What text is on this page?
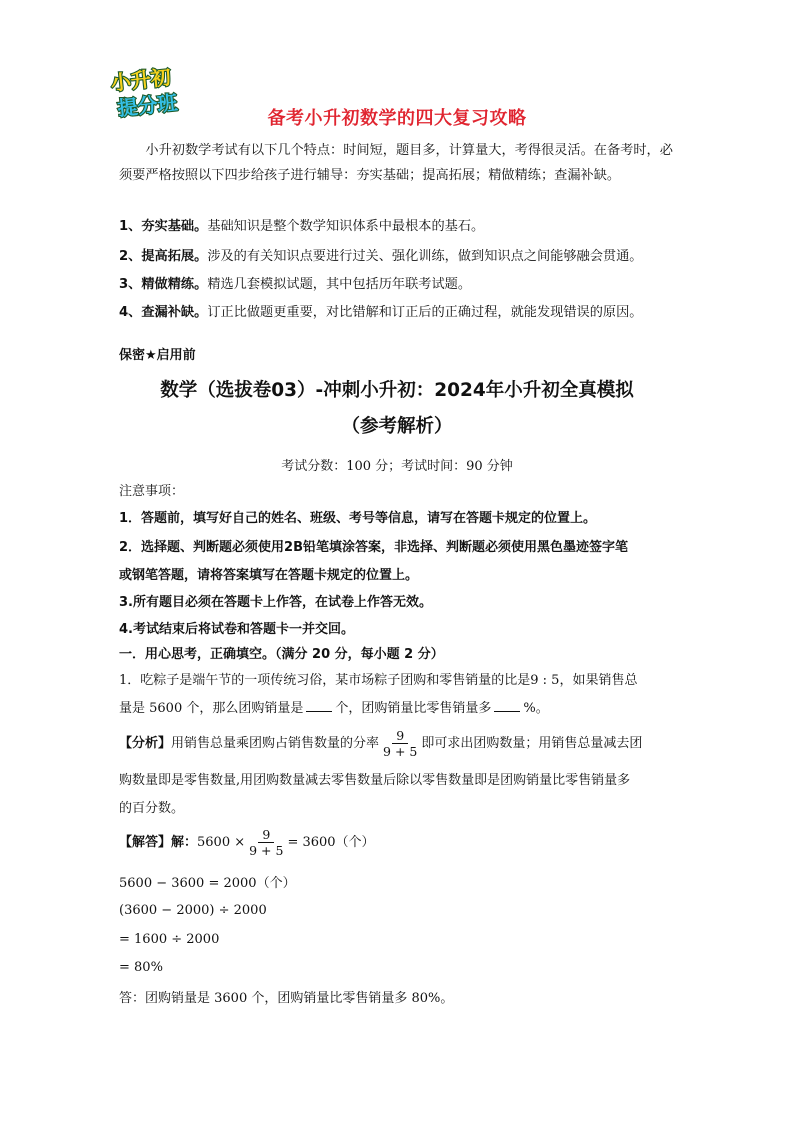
小升初
提分班	备考小升初数学的四大复习攻略
小升初数学考试有以下几个特点：时间短，题目多，计算量大，考得很灵活。在备考时，必须要严格按照以下四步给孩子进行辅导：夯实基础；提高拓展；精做精练；查漏补缺。
1、夯实基础。基础知识是整个数学知识体系中最根本的基石。
2、提高拓展。涉及的有关知识点要进行过关、强化训练，做到知识点之间能够融会贯通。
3、精做精练。精选几套模拟试题，其中包括历年联考试题。
4、查漏补缺。订正比做题更重要，对比错解和订正后的正确过程，就能发现错误的原因。
保密★启用前
数学（选拔卷03）-冲刺小升初：2024年小升初全真模拟
（参考解析）
考试分数：100 分；考试时间：90 分钟
注意事项：
1．答题前，填写好自己的姓名、班级、考号等信息，请写在答题卡规定的位置上。
2．选择题、判断题必须使用2B铅笔填涂答案，非选择、判断题必须使用黑色墨迹签字笔
或钢笔答题，请将答案填写在答题卡规定的位置上。
3.所有题目必须在答题卡上作答，在试卷上作答无效。
4.考试结束后将试卷和答题卡一并交回。
一．用心思考，正确填空。（满分 20 分，每小题 2 分）
1．吃粽子是端午节的一项传统习俗，某市场粽子团购和零售销量的比是9 : 5，如果销售总
量是 5600 个，那么团购销量是 个，团购销量比零售销量多 %。
【分析】用销售总量乘团购占销售数量的分率 $\frac{9}{9 + 5}$ 即可求出团购数量；用销售总量减去团
购数量即是零售数量,用团购数量减去零售数量后除以零售数量即是团购销量比零售销量多
的百分数。
【解答】解：$5600 \times \frac{9}{9 + 5} = 3600$（个）
5600 − 3600 = 2000（个）
(3600 − 2000) ÷ 2000
= 1600 ÷ 2000
= 80%
答：团购销量是 3600 个，团购销量比零售销量多 80%。
